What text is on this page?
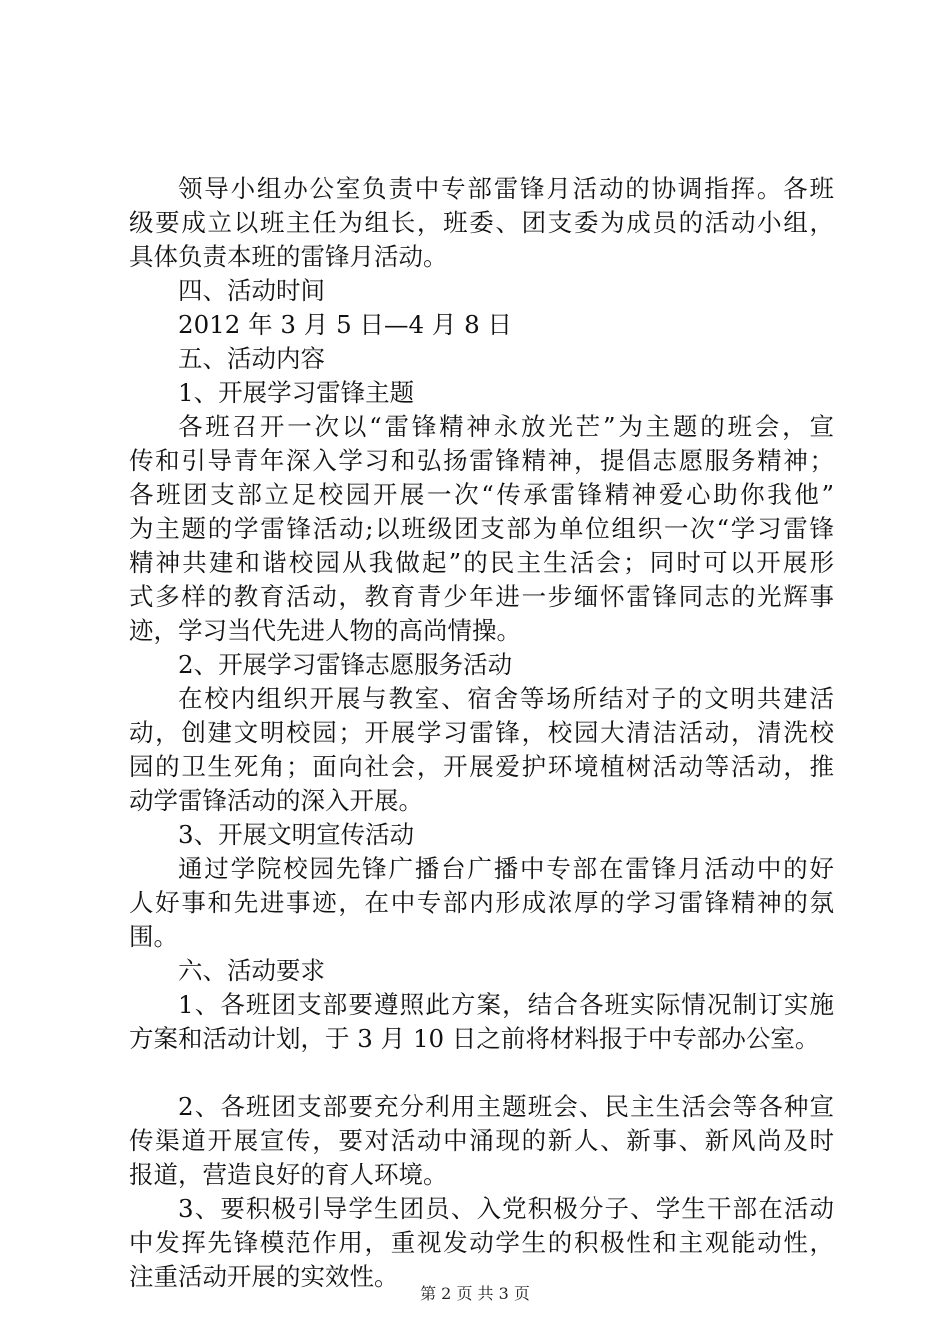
领导小组办公室负责中专部雷锋月活动的协调指挥。各班
级要成立以班主任为组长，班委、团支委为成员的活动小组，
具体负责本班的雷锋月活动。
四、活动时间
2012 年 3 月 5 日—4 月 8 日
五、活动内容
1、开展学习雷锋主题
各班召开一次以“雷锋精神永放光芒”为主题的班会，宣
传和引导青年深入学习和弘扬雷锋精神，提倡志愿服务精神；
各班团支部立足校园开展一次“传承雷锋精神爱心助你我他”
为主题的学雷锋活动;以班级团支部为单位组织一次“学习雷锋
精神共建和谐校园从我做起”的民主生活会；同时可以开展形
式多样的教育活动，教育青少年进一步缅怀雷锋同志的光辉事
迹，学习当代先进人物的高尚情操。
2、开展学习雷锋志愿服务活动
在校内组织开展与教室、宿舍等场所结对子的文明共建活
动，创建文明校园；开展学习雷锋，校园大清洁活动，清洗校
园的卫生死角；面向社会，开展爱护环境植树活动等活动，推
动学雷锋活动的深入开展。
3、开展文明宣传活动
通过学院校园先锋广播台广播中专部在雷锋月活动中的好
人好事和先进事迹，在中专部内形成浓厚的学习雷锋精神的氛
围。
六、活动要求
1、各班团支部要遵照此方案，结合各班实际情况制订实施
方案和活动计划，于 3 月 10 日之前将材料报于中专部办公室。
2、各班团支部要充分利用主题班会、民主生活会等各种宣
传渠道开展宣传，要对活动中涌现的新人、新事、新风尚及时
报道，营造良好的育人环境。
3、要积极引导学生团员、入党积极分子、学生干部在活动
中发挥先锋模范作用，重视发动学生的积极性和主观能动性，
注重活动开展的实效性。
第 2 页 共 3 页
